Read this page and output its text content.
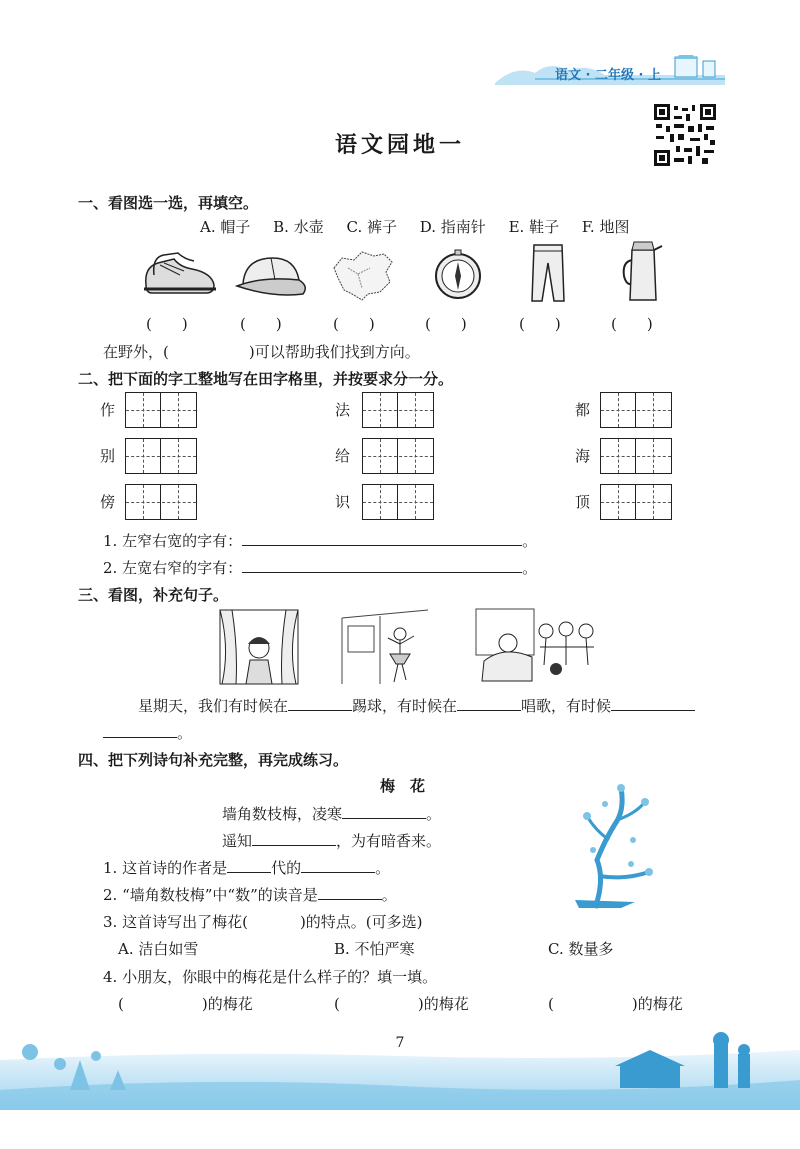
语文 · 二年级 · 上
语文园地一
一、看图选一选，再填空。
A. 帽子 B. 水壶 C. 裤子 D. 指南针 E. 鞋子 F. 地图
(　　)	(　　)	(　　)	(　　)	(　　)	(　　)
在野外，(	)可以帮助我们找到方向。
二、把下面的字工整地写在田字格里，并按要求分一分。
作	法	都
别	给	海
傍	识	顶
1. 左窄右宽的字有：	。
2. 左宽右窄的字有：	。
三、看图，补充句子。
星期天，我们有时候在	踢球，有时候在	唱歌，有时候
。
四、把下列诗句补充完整，再完成练习。
梅　花
墙角数枝梅，凌寒	。
遥知	，为有暗香来。
1. 这首诗的作者是	代的	。
2. “墙角数枝梅”中“数”的读音是	。
3. 这首诗写出了梅花(	)的特点。(可多选)
A. 洁白如雪	B. 不怕严寒	C. 数量多
4. 小朋友，你眼中的梅花是什么样子的？填一填。
(	)的梅花	(	)的梅花	(	)的梅花
7
